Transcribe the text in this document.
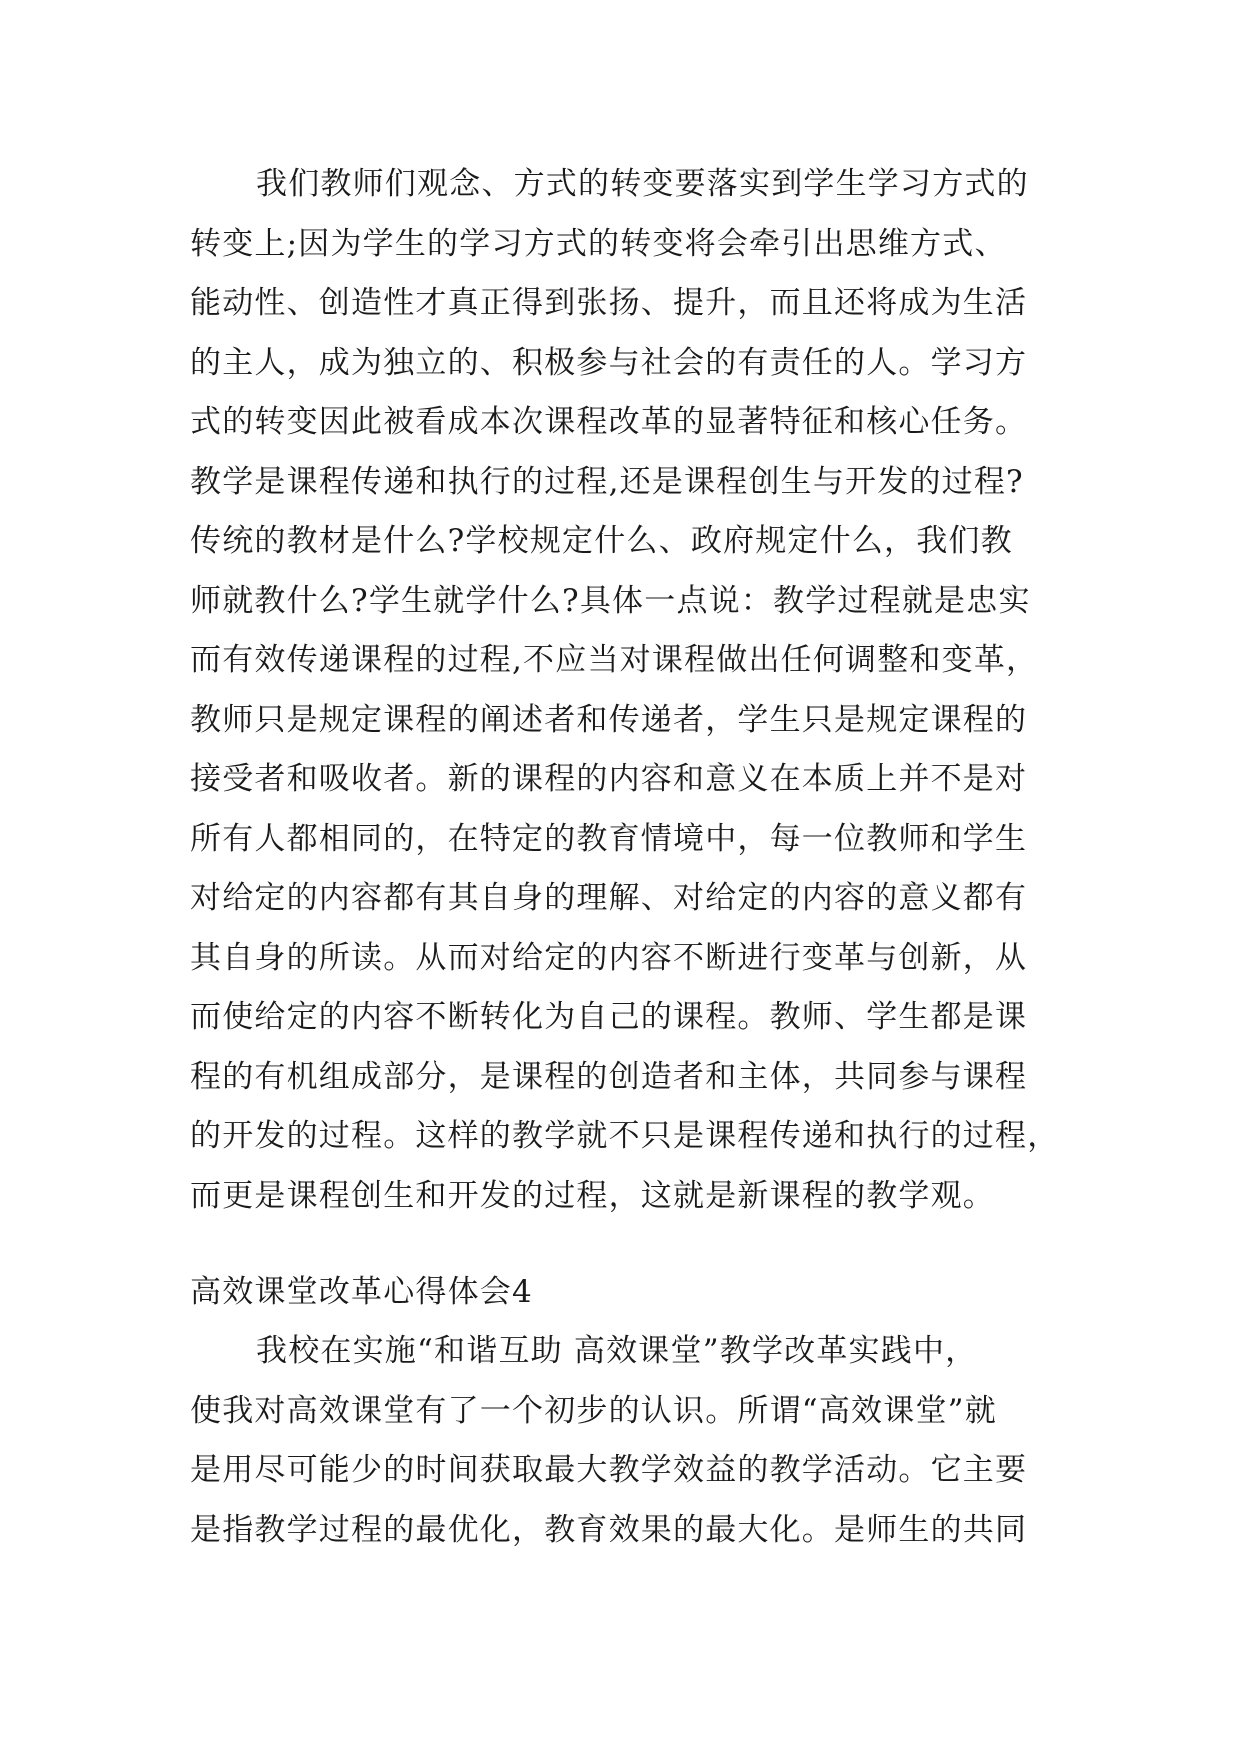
我们教师们观念、方式的转变要落实到学生学习方式的
转变上;因为学生的学习方式的转变将会牵引出思维方式、
能动性、创造性才真正得到张扬、提升，而且还将成为生活
的主人，成为独立的、积极参与社会的有责任的人。学习方
式的转变因此被看成本次课程改革的显著特征和核心任务。
教学是课程传递和执行的过程,还是课程创生与开发的过程?
传统的教材是什么?学校规定什么、政府规定什么，我们教
师就教什么?学生就学什么?具体一点说：教学过程就是忠实
而有效传递课程的过程,不应当对课程做出任何调整和变革，
教师只是规定课程的阐述者和传递者，学生只是规定课程的
接受者和吸收者。新的课程的内容和意义在本质上并不是对
所有人都相同的，在特定的教育情境中，每一位教师和学生
对给定的内容都有其自身的理解、对给定的内容的意义都有
其自身的所读。从而对给定的内容不断进行变革与创新，从
而使给定的内容不断转化为自己的课程。教师、学生都是课
程的有机组成部分，是课程的创造者和主体，共同参与课程
的开发的过程。这样的教学就不只是课程传递和执行的过程，
而更是课程创生和开发的过程，这就是新课程的教学观。
高效课堂改革心得体会4
我校在实施“和谐互助 高效课堂”教学改革实践中，
使我对高效课堂有了一个初步的认识。所谓“高效课堂”就
是用尽可能少的时间获取最大教学效益的教学活动。它主要
是指教学过程的最优化，教育效果的最大化。是师生的共同
